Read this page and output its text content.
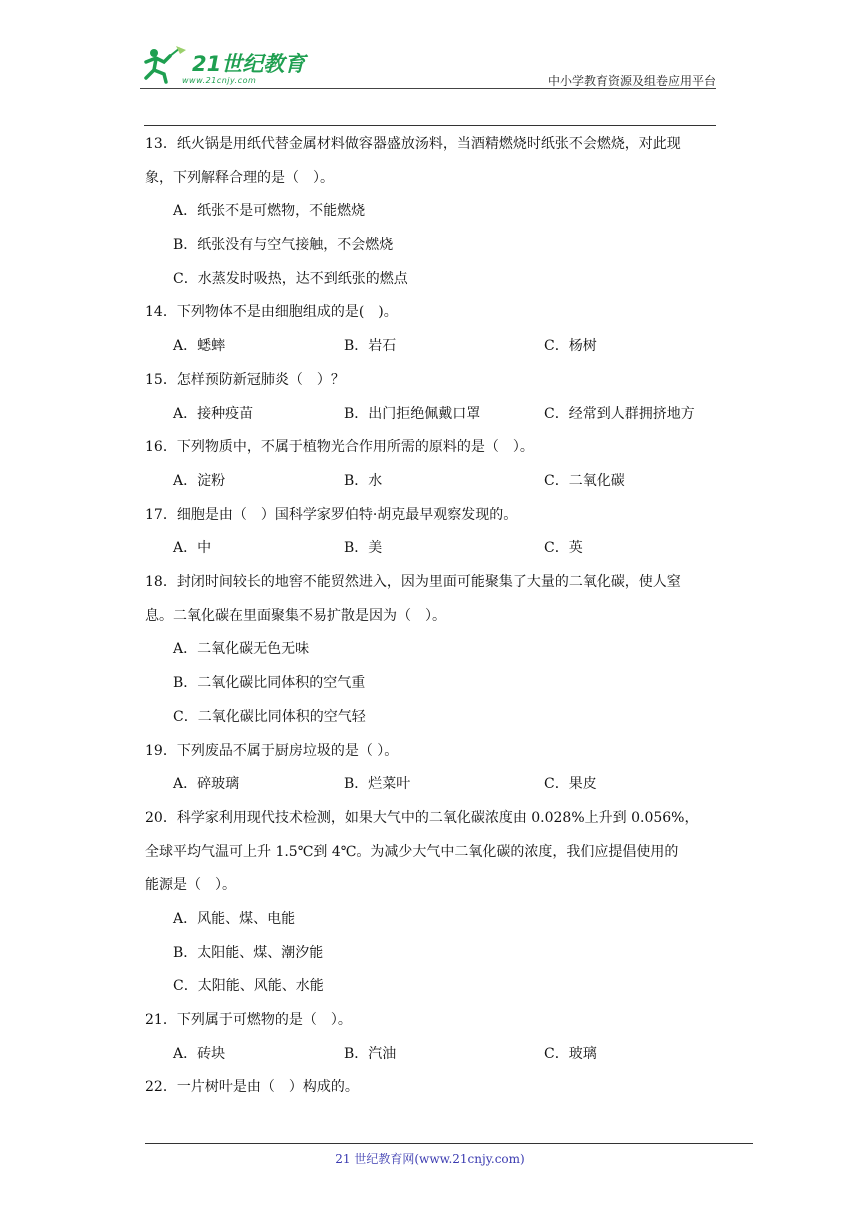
21世纪教育
www.21cnjy.com	中小学教育资源及组卷应用平台
13．纸火锅是用纸代替金属材料做容器盛放汤料，当酒精燃烧时纸张不会燃烧，对此现
象，下列解释合理的是（　）。
A．纸张不是可燃物，不能燃烧
B．纸张没有与空气接触，不会燃烧
C．水蒸发时吸热，达不到纸张的燃点
14．下列物体不是由细胞组成的是(　)。
A．蟋蟀	B．岩石	C．杨树
15．怎样预防新冠肺炎（　）？
A．接种疫苗	B．出门拒绝佩戴口罩	C．经常到人群拥挤地方
16．下列物质中，不属于植物光合作用所需的原料的是（　）。
A．淀粉	B．水	C．二氧化碳
17．细胞是由（　）国科学家罗伯特·胡克最早观察发现的。
A．中	B．美	C．英
18．封闭时间较长的地窖不能贸然进入，因为里面可能聚集了大量的二氧化碳，使人窒
息。二氧化碳在里面聚集不易扩散是因为（　）。
A．二氧化碳无色无味
B．二氧化碳比同体积的空气重
C．二氧化碳比同体积的空气轻
19．下列废品不属于厨房垃圾的是（ ）。
A．碎玻璃	B．烂菜叶	C．果皮
20．科学家利用现代技术检测，如果大气中的二氧化碳浓度由 0.028%上升到 0.056%，
全球平均气温可上升 1.5℃到 4℃。为减少大气中二氧化碳的浓度，我们应提倡使用的
能源是（　）。
A．风能、煤、电能
B．太阳能、煤、潮汐能
C．太阳能、风能、水能
21．下列属于可燃物的是（　）。
A．砖块	B．汽油	C．玻璃
22．一片树叶是由（　）构成的。
21 世纪教育网(www.21cnjy.com)
